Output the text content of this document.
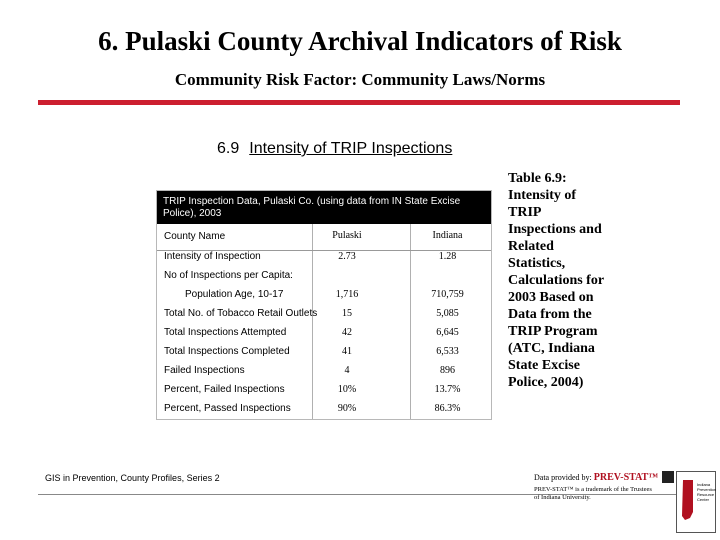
6. Pulaski County Archival Indicators of Risk
Community Risk Factor: Community Laws/Norms
6.9 Intensity of TRIP Inspections
TRIP Inspection Data, Pulaski Co. (using data from IN State Excise Police), 2003
County Name	Pulaski	Indiana
Intensity of Inspection	2.73	1.28
No of Inspections per Capita:
Population Age, 10-17	1,716	710,759
Total No. of Tobacco Retail Outlets	15	5,085
Total Inspections Attempted	42	6,645
Total Inspections Completed	41	6,533
Failed Inspections	4	896
Percent, Failed Inspections	10%	13.7%
Percent, Passed Inspections	90%	86.3%
Table 6.9: Intensity of TRIP Inspections and Related Statistics, Calculations for 2003 Based on Data from the TRIP Program (ATC, Indiana State Excise Police, 2004)
GIS in Prevention, County Profiles, Series 2	Data provided by: PREV-STAT™
PREV-STAT™ is a trademark of the Trustees of Indiana University.
Indiana Prevention Resource Center
